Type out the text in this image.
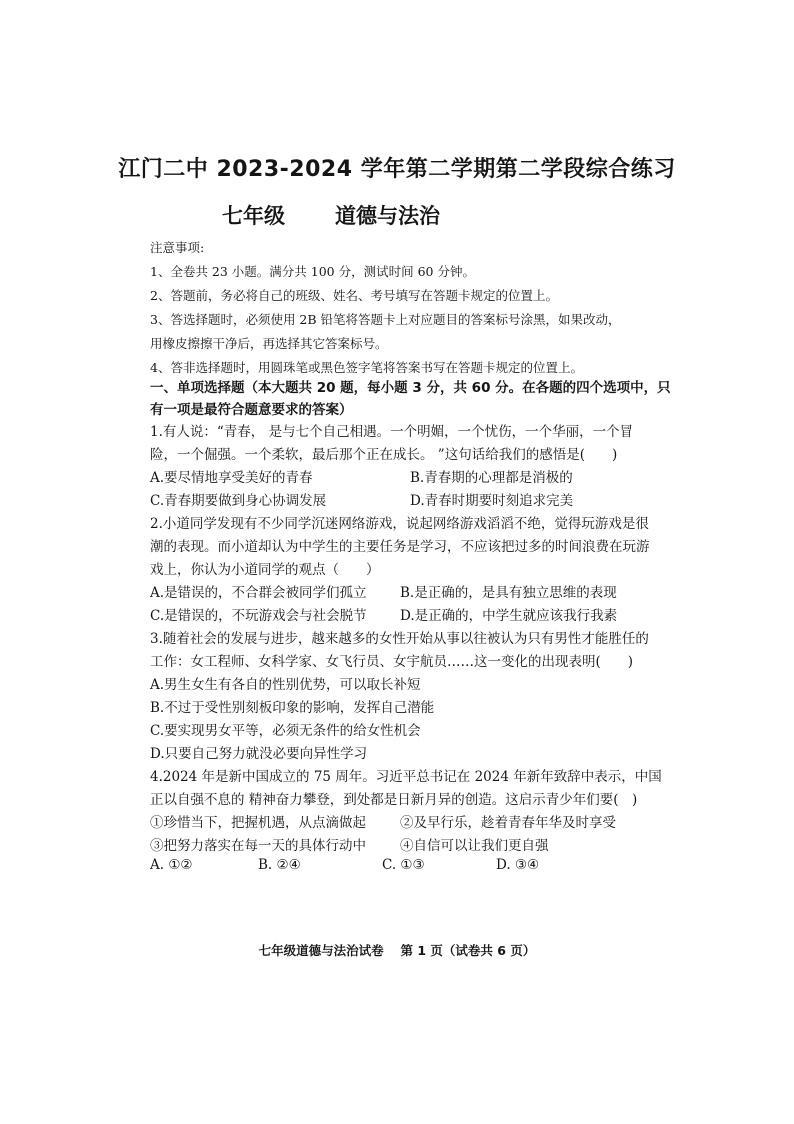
江门二中 2023-2024 学年第二学期第二学段综合练习
七年级 道德与法治
注意事项:
1、全卷共 23 小题。满分共 100 分，测试时间 60 分钟。
2、答题前，务必将自己的班级、姓名、考号填写在答题卡规定的位置上。
3、答选择题时，必须使用 2B 铅笔将答题卡上对应题目的答案标号涂黑，如果改动，
用橡皮擦擦干净后，再选择其它答案标号。
4、答非选择题时，用圆珠笔或黑色签字笔将答案书写在答题卡规定的位置上。
一、单项选择题（本大题共 20 题，每小题 3 分，共 60 分。在各题的四个选项中，只
有一项是最符合题意要求的答案）
1.有人说：“青春， 是与七个自己相遇。一个明媚，一个忧伤，一个华丽，一个冒
险，一个倔强。一个柔软，最后那个正在成长。 ”这句话给我们的感悟是(　　)
A.要尽情地享受美好的青春	B.青春期的心理都是消极的
C.青春期要做到身心协调发展	D.青春时期要时刻追求完美
2.小道同学发现有不少同学沉迷网络游戏，说起网络游戏滔滔不绝，觉得玩游戏是很
潮的表现。而小道却认为中学生的主要任务是学习，不应该把过多的时间浪费在玩游
戏上，你认为小道同学的观点（　　）
A.是错误的，不合群会被同学们孤立 B.是正确的，是具有独立思维的表现
C.是错误的，不玩游戏会与社会脱节 D.是正确的，中学生就应该我行我素
3.随着社会的发展与进步，越来越多的女性开始从事以往被认为只有男性才能胜任的
工作：女工程师、女科学家、女飞行员、女宇航员……这一变化的出现表明(　　)
A.男生女生有各自的性别优势，可以取长补短
B.不过于受性别刻板印象的影响，发挥自己潜能
C.要实现男女平等，必须无条件的给女性机会
D.只要自己努力就没必要向异性学习
4.2024 年是新中国成立的 75 周年。习近平总书记在 2024 年新年致辞中表示，中国
正以自强不息的 精神奋力攀登，到处都是日新月异的创造。这启示青少年们要(　)
①珍惜当下，把握机遇，从点滴做起	②及早行乐，趁着青春年华及时享受
③把努力落实在每一天的具体行动中	④自信可以让我们更自强
A. ①②	B. ②④	C. ①③	D. ③④
七年级道德与法治试卷　 第 1 页（试卷共 6 页）
